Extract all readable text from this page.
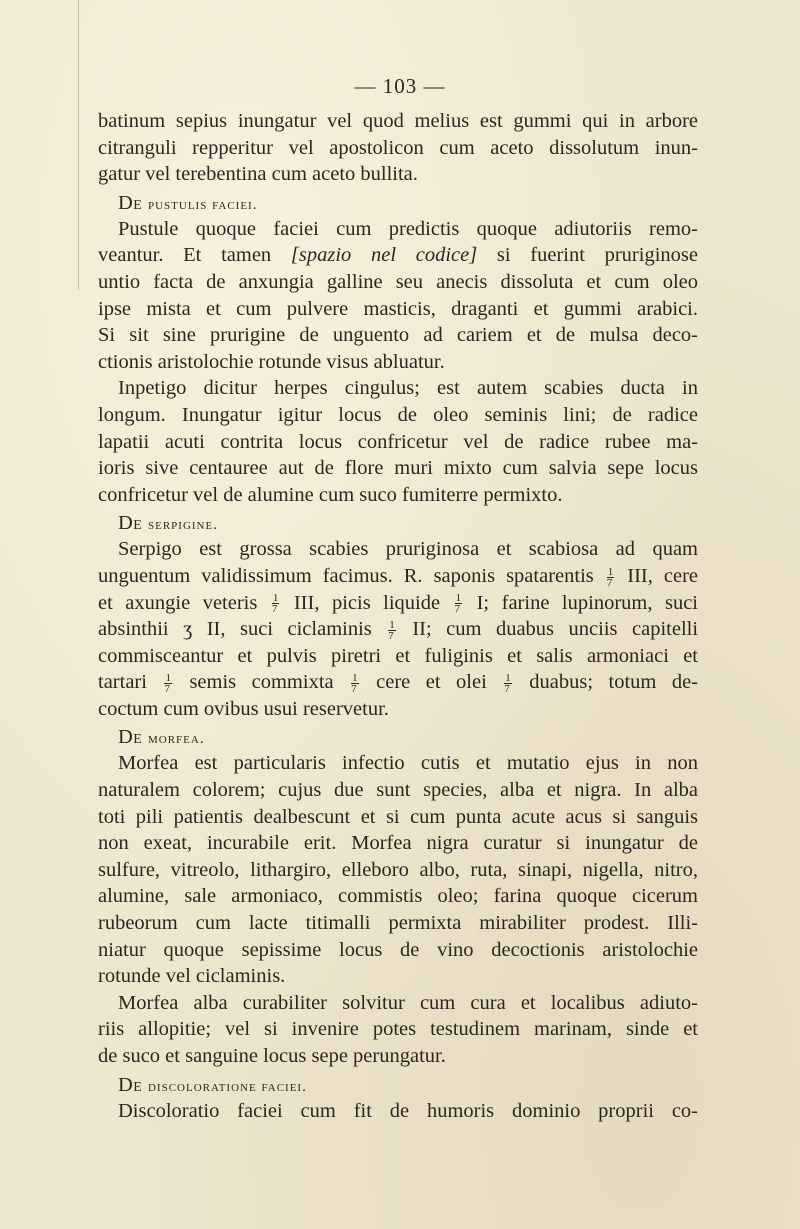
— 103 —
batinum sepius inungatur vel quod melius est gummi qui in arbore
citranguli repperitur vel apostolicon cum aceto dissolutum inun-
gatur vel terebentina cum aceto bullita.
De pustulis faciei.
Pustule quoque faciei cum predictis quoque adiutoriis remo-
veantur. Et tamen [spazio nel codice] si fuerint pruriginose
untio facta de anxungia galline seu anecis dissoluta et cum oleo
ipse mista et cum pulvere masticis, draganti et gummi arabici.
Si sit sine prurigine de unguento ad cariem et de mulsa deco-
ctionis aristolochie rotunde visus abluatur.
Inpetigo dicitur herpes cingulus; est autem scabies ducta in
longum. Inungatur igitur locus de oleo seminis lini; de radice
lapatii acuti contrita locus confricetur vel de radice rubee ma-
ioris sive centauree aut de flore muri mixto cum salvia sepe locus
confricetur vel de alumine cum suco fumiterre permixto.
De serpigine.
Serpigo est grossa scabies pruriginosa et scabiosa ad quam
unguentum validissimum facimus. R. saponis spatarentis $\frac{1}{7}$ III, cere
et axungie veteris $\frac{1}{7}$ III, picis liquide $\frac{1}{7} I$; farine lupinorum, suci
absinthii ʒ II, suci ciclaminis $\frac{1}{7}$ II; cum duabus unciis capitelli
commisceantur et pulvis piretri et fuliginis et salis armoniaci et
tartari $\frac{1}{7}$ semis commixta $\frac{1}{7}$ cere et olei $\frac{1}{7}$ duabus; totum de-
coctum cum ovibus usui reservetur.
De morfea.
Morfea est particularis infectio cutis et mutatio ejus in non
naturalem colorem; cujus due sunt species, alba et nigra. In alba
toti pili patientis dealbescunt et si cum punta acute acus si sanguis
non exeat, incurabile erit. Morfea nigra curatur si inungatur de
sulfure, vitreolo, lithargiro, elleboro albo, ruta, sinapi, nigella, nitro,
alumine, sale armoniaco, commistis oleo; farina quoque cicerum
rubeorum cum lacte titimalli permixta mirabiliter prodest. Illi-
niatur quoque sepissime locus de vino decoctionis aristolochie
rotunde vel ciclaminis.
Morfea alba curabiliter solvitur cum cura et localibus adiuto-
riis allopitie; vel si invenire potes testudinem marinam, sinde et
de suco et sanguine locus sepe perungatur.
De discoloratione faciei.
Discoloratio faciei cum fit de humoris dominio proprii co-
